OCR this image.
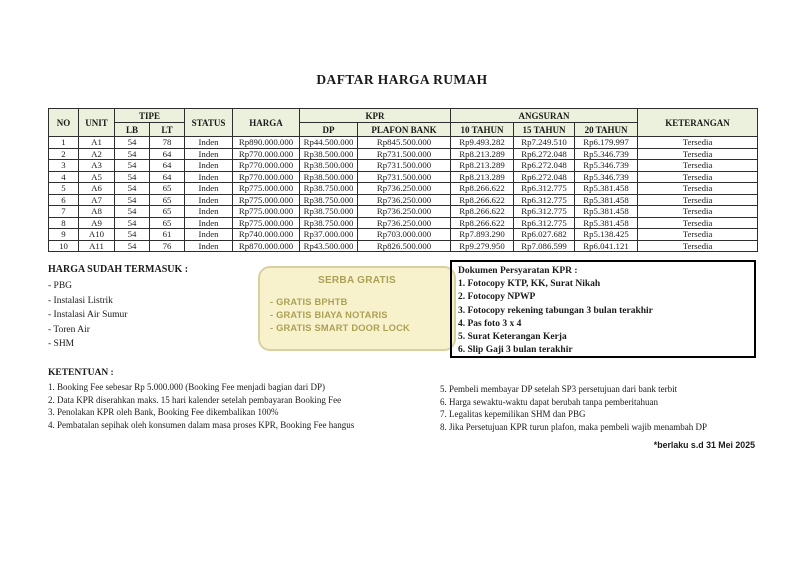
DAFTAR HARGA RUMAH
NO	UNIT	TIPE		STATUS	HARGA	KPR		ANGSURAN			KETERANGAN
		LB	LT			DP	PLAFON BANK	10 TAHUN	15 TAHUN	20 TAHUN	
1	A1	54	78	Inden	Rp890.000.000	Rp44.500.000	Rp845.500.000	Rp9.493.282	Rp7.249.510	Rp6.179.997	Tersedia
2	A2	54	64	Inden	Rp770.000.000	Rp38.500.000	Rp731.500.000	Rp8.213.289	Rp6.272.048	Rp5.346.739	Tersedia
3	A3	54	64	Inden	Rp770.000.000	Rp38.500.000	Rp731.500.000	Rp8.213.289	Rp6.272.048	Rp5.346.739	Tersedia
4	A5	54	64	Inden	Rp770.000.000	Rp38.500.000	Rp731.500.000	Rp8.213.289	Rp6.272.048	Rp5.346.739	Tersedia
5	A6	54	65	Inden	Rp775.000.000	Rp38.750.000	Rp736.250.000	Rp8.266.622	Rp6.312.775	Rp5.381.458	Tersedia
6	A7	54	65	Inden	Rp775.000.000	Rp38.750.000	Rp736.250.000	Rp8.266.622	Rp6.312.775	Rp5.381.458	Tersedia
7	A8	54	65	Inden	Rp775.000.000	Rp38.750.000	Rp736.250.000	Rp8.266.622	Rp6.312.775	Rp5.381.458	Tersedia
8	A9	54	65	Inden	Rp775.000.000	Rp38.750.000	Rp736.250.000	Rp8.266.622	Rp6.312.775	Rp5.381.458	Tersedia
9	A10	54	61	Inden	Rp740.000.000	Rp37.000.000	Rp703.000.000	Rp7.893.290	Rp6.027.682	Rp5.138.425	Tersedia
10	A11	54	76	Inden	Rp870.000.000	Rp43.500.000	Rp826.500.000	Rp9.279.950	Rp7.086.599	Rp6.041.121	Tersedia
HARGA SUDAH TERMASUK :
- PBG
- Instalasi Listrik
- Instalasi Air Sumur
- Toren Air
- SHM
SERBA GRATIS
- GRATIS BPHTB
- GRATIS BIAYA NOTARIS
- GRATIS SMART DOOR LOCK
Dokumen Persyaratan KPR :
1. Fotocopy KTP, KK, Surat Nikah
2. Fotocopy NPWP
3. Fotocopy rekening tabungan 3 bulan terakhir
4. Pas foto 3 x 4
5. Surat Keterangan Kerja
6. Slip Gaji 3 bulan terakhir
KETENTUAN :
1. Booking Fee sebesar Rp 5.000.000 (Booking Fee menjadi bagian dari DP)
2. Data KPR diserahkan maks. 15 hari kalender setelah pembayaran Booking Fee
3. Penolakan KPR oleh Bank, Booking Fee dikembalikan 100%
4. Pembatalan sepihak oleh konsumen dalam masa proses KPR, Booking Fee hangus
5. Pembeli membayar DP setelah SP3 persetujuan dari bank terbit
6. Harga sewaktu-waktu dapat berubah tanpa pemberitahuan
7. Legalitas kepemilikan SHM dan PBG
8. Jika Persetujuan KPR turun plafon, maka pembeli wajib menambah DP
*berlaku s.d 31 Mei 2025
